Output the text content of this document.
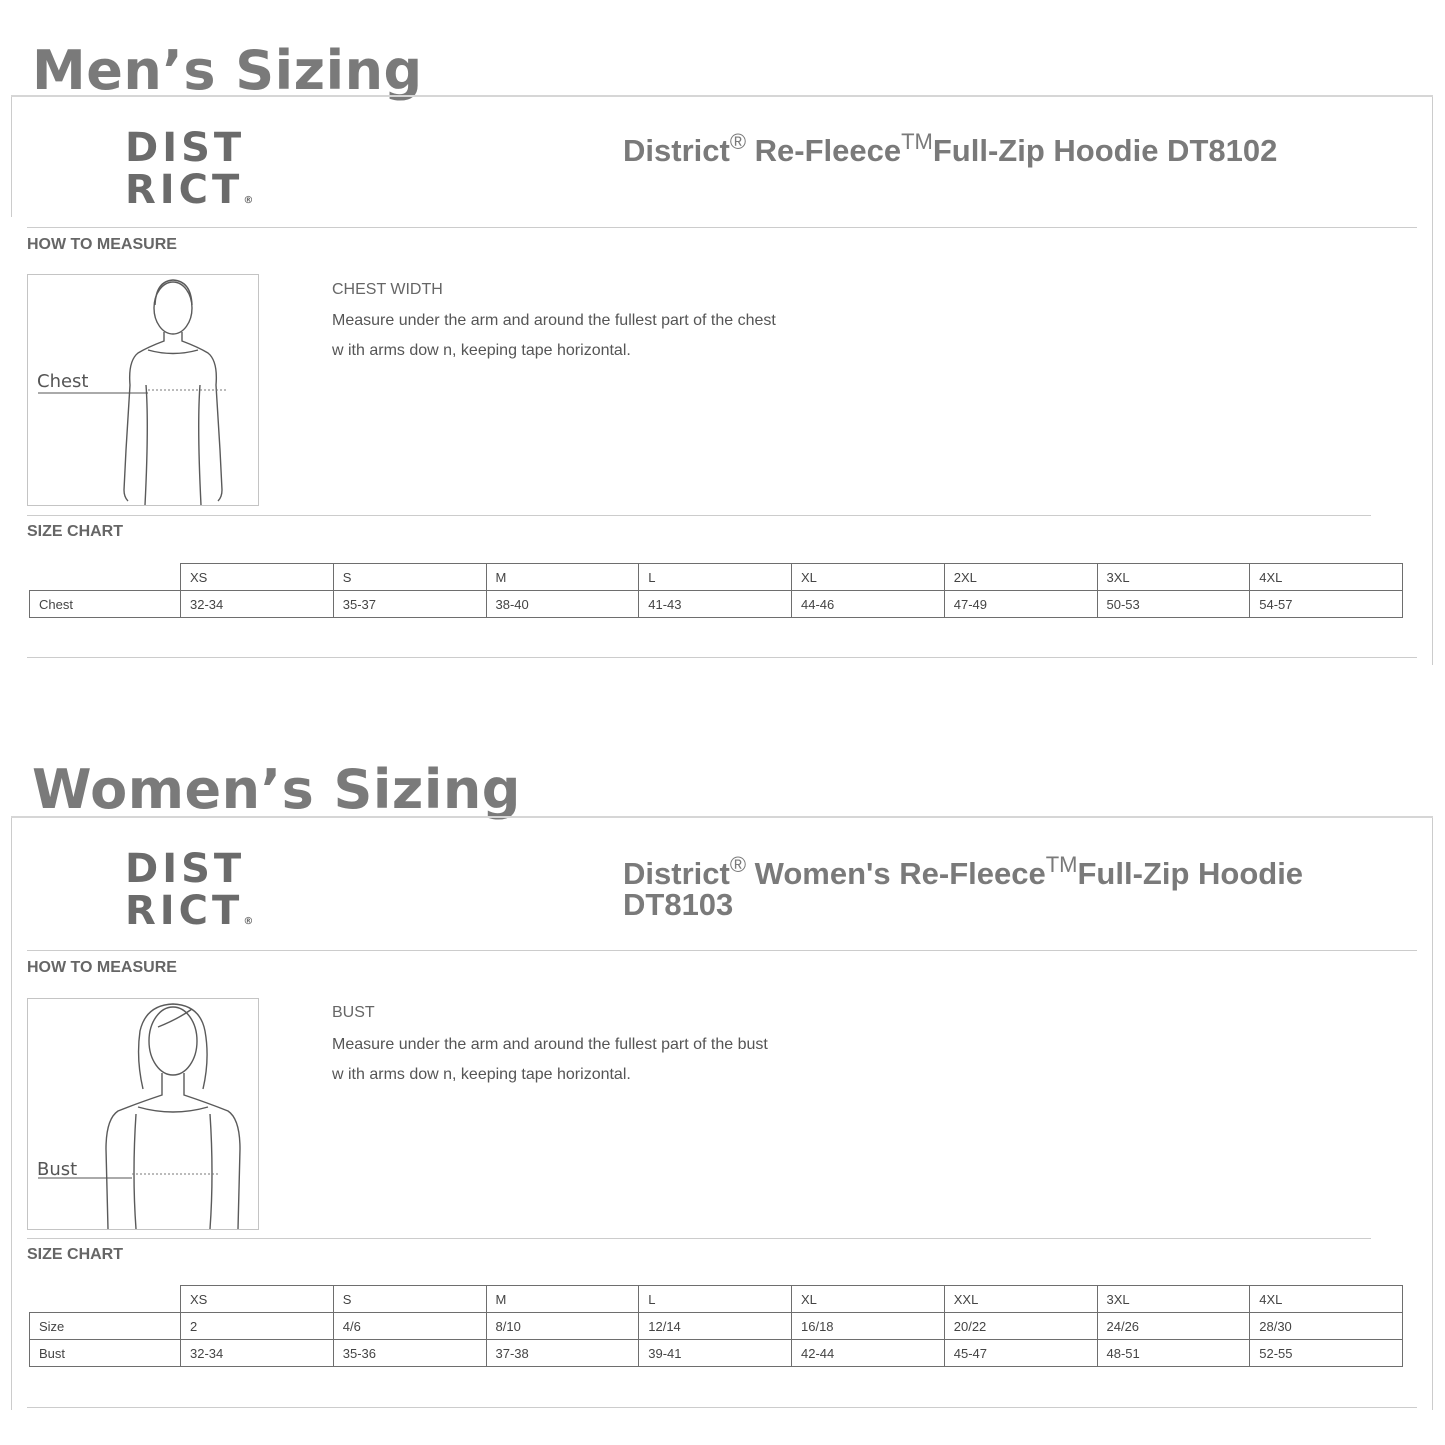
Men’s Sizing
DIST
RICT®
District® Re-Fleece™Full-Zip Hoodie DT8102
HOW TO MEASURE
Chest
CHEST WIDTH
Measure under the arm and around the fullest part of the chest
w ith arms dow n, keeping tape horizontal.
SIZE CHART
	XS	S	M	L	XL	2XL	3XL	4XL
Chest	32-34	35-37	38-40	41-43	44-46	47-49	50-53	54-57
Women’s Sizing
DIST
RICT®
District® Women's Re-Fleece™Full-Zip Hoodie DT8103
HOW TO MEASURE
Bust
BUST
Measure under the arm and around the fullest part of the bust
w ith arms dow n, keeping tape horizontal.
SIZE CHART
	XS	S	M	L	XL	XXL	3XL	4XL
Size	2	4/6	8/10	12/14	16/18	20/22	24/26	28/30
Bust	32-34	35-36	37-38	39-41	42-44	45-47	48-51	52-55
